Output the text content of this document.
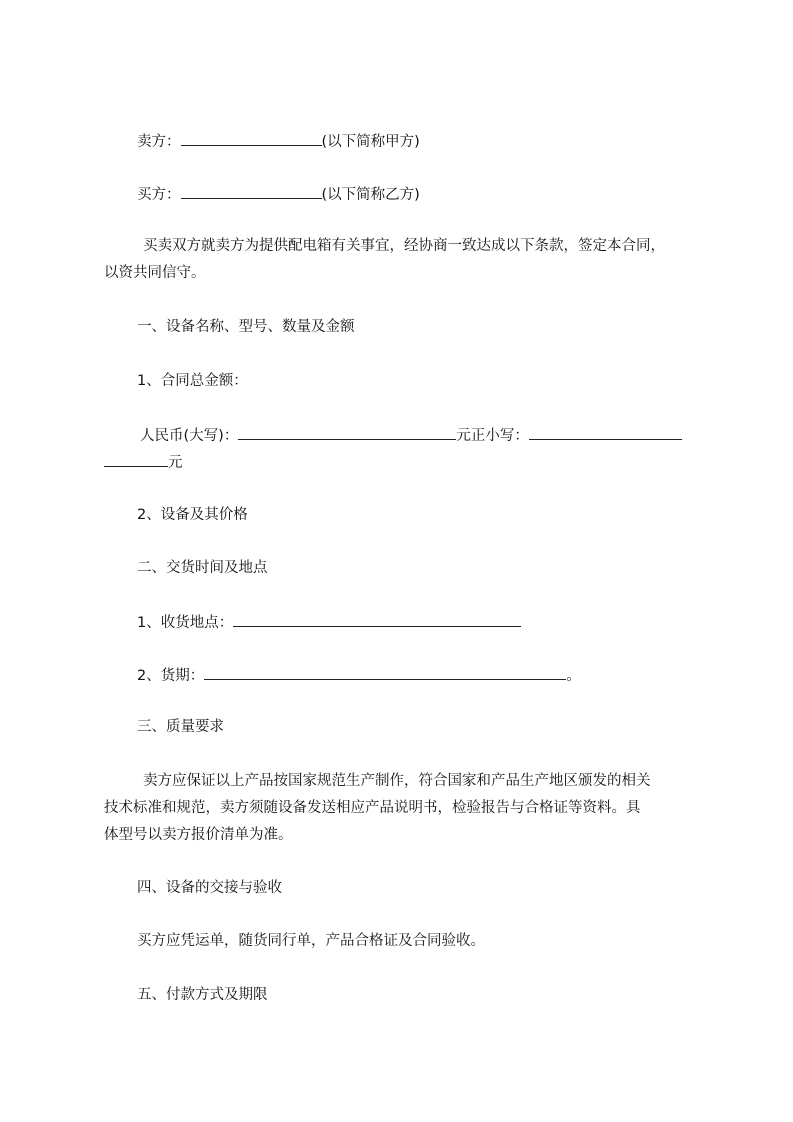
卖方：	(以下简称甲方)
买方：	(以下简称乙方)
买卖双方就卖方为提供配电箱有关事宜，经协商一致达成以下条款，签定本合同，
以资共同信守。
一、设备名称、型号、数量及金额
1、合同总金额：
人民币(大写)：	元正小写：
元
2、设备及其价格
二、交货时间及地点
1、收货地点：
2、货期：	。
三、质量要求
卖方应保证以上产品按国家规范生产制作，符合国家和产品生产地区颁发的相关
技术标准和规范，卖方须随设备发送相应产品说明书，检验报告与合格证等资料。具
体型号以卖方报价清单为准。
四、设备的交接与验收
买方应凭运单，随货同行单，产品合格证及合同验收。
五、付款方式及期限
